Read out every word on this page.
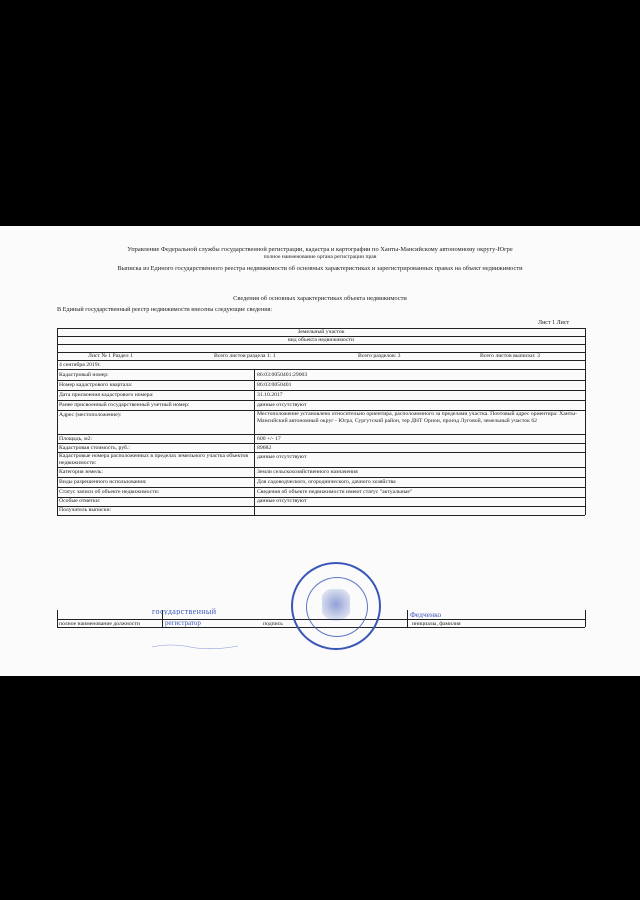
Управление Федеральной службы государственной регистрации, кадастра и картографии по Ханты-Мансийскому автономному округу-Югре
полное наименование органа регистрации прав
Выписка из Единого государственного реестра недвижимости об основных характеристиках и зарегистрированных правах на объект недвижимости
Сведения об основных характеристиках объекта недвижимости
В Единый государственный реестр недвижимости внесены следующие сведения:
Лист 1 Лист
Земельный участок
вид объекта недвижимости
Лист № 1 Раздел 1	Всего листов раздела 1: 1	Всего разделов: 3	Всего листов выписки: 3
4 сентября 2019г.
Кадастровый номер:	86:03:0050401:29003
Номер кадастрового квартала:	86:03:0050401
Дата присвоения кадастрового номера:	31.10.2017
Ранее присвоенный государственный учетный номер:	данные отсутствуют
Адрес (местоположение):	Местоположение установлено относительно ориентира, расположенного за пределами участка. Почтовый адрес ориентира: Ханты-Мансийский автономный округ - Югра, Сургутский район, тер ДНТ Орион, проезд Луговой, земельный участок 62
Площадь, м2:	600 +/- 17
Кадастровая стоимость, руб.:	89682
Кадастровые номера расположенных в пределах земельного участка объектов недвижимости:
данные отсутствуют
Категория земель:	Земли сельскохозяйственного назначения
Виды разрешенного использования:	Для садоводческого, огороднического, дачного хозяйства
Статус записи об объекте недвижимости:	Сведения об объекте недвижимости имеют статус "актуальные"
Особые отметки:	данные отсутствуют
Получатель выписки:
государственный
регистратор
Федченко
полное наименование должности	подпись	инициалы, фамилия
